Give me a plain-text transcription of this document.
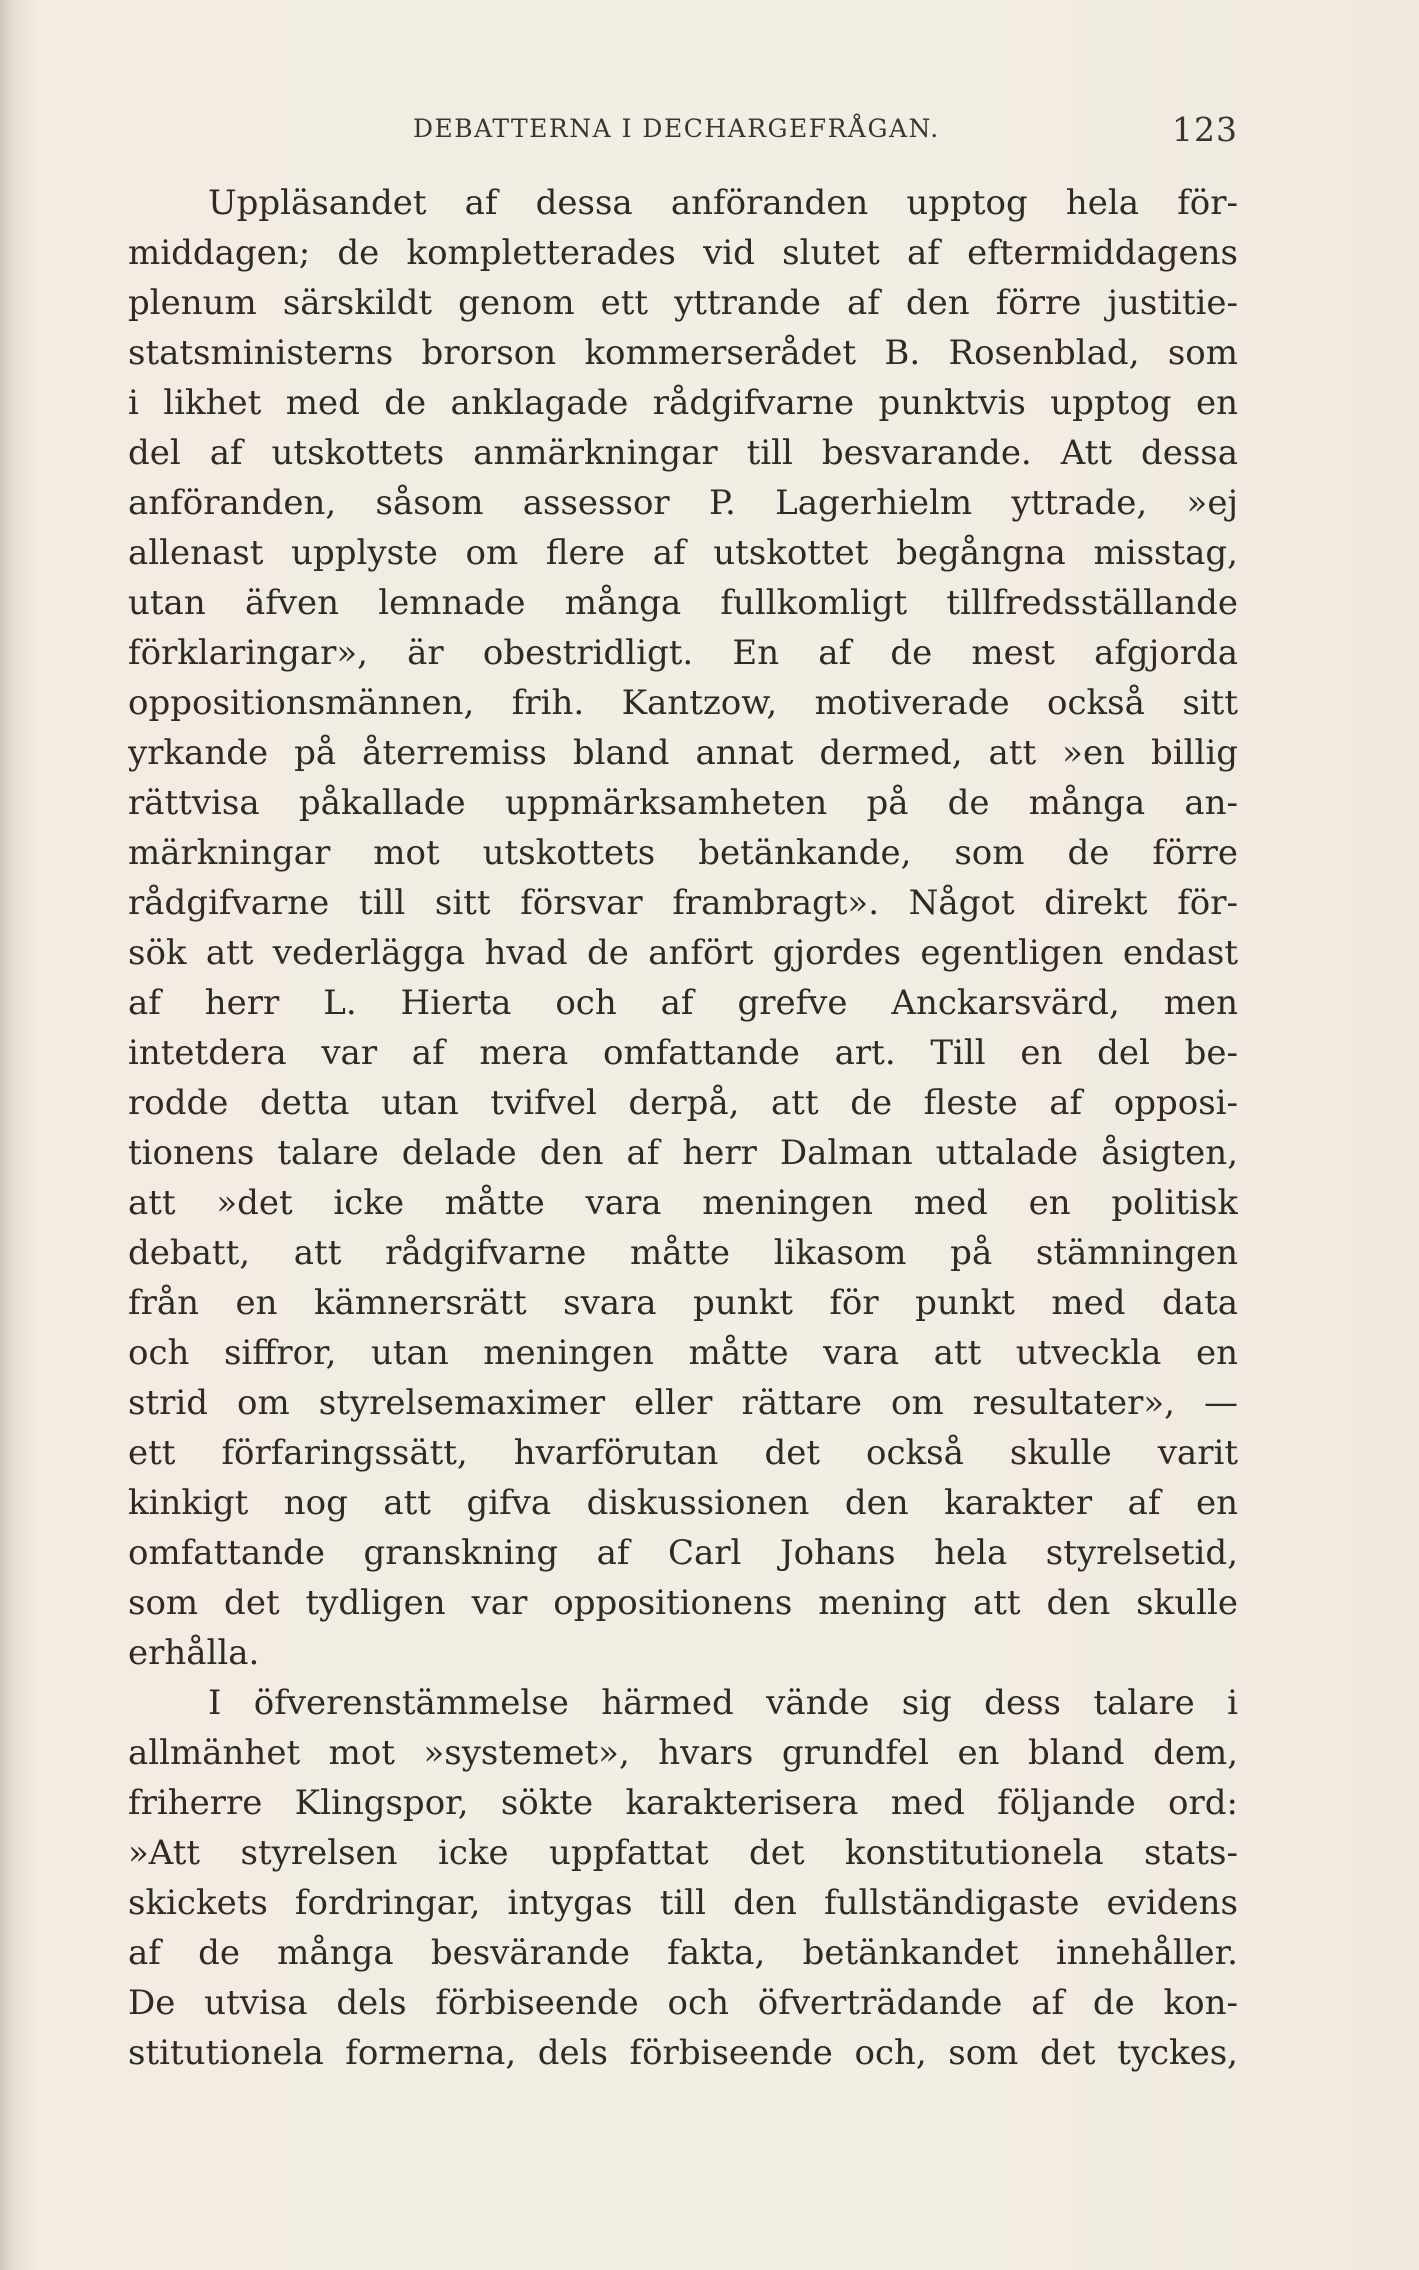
DEBATTERNA I DECHARGEFRÅGAN.	123
Uppläsandet af dessa anföranden upptog hela för-
middagen; de kompletterades vid slutet af eftermiddagens
plenum särskildt genom ett yttrande af den förre justitie-
statsministerns brorson kommerserådet B. Rosenblad, som
i likhet med de anklagade rådgifvarne punktvis upptog en
del af utskottets anmärkningar till besvarande. Att dessa
anföranden, såsom assessor P. Lagerhielm yttrade, »ej
allenast upplyste om flere af utskottet begångna misstag,
utan äfven lemnade många fullkomligt tillfredsställande
förklaringar», är obestridligt. En af de mest afgjorda
oppositionsmännen, frih. Kantzow, motiverade också sitt
yrkande på återremiss bland annat dermed, att »en billig
rättvisa påkallade uppmärksamheten på de många an-
märkningar mot utskottets betänkande, som de förre
rådgifvarne till sitt försvar frambragt». Något direkt för-
sök att vederlägga hvad de anfört gjordes egentligen endast
af herr L. Hierta och af grefve Anckarsvärd, men
intetdera var af mera omfattande art. Till en del be-
rodde detta utan tvifvel derpå, att de fleste af opposi-
tionens talare delade den af herr Dalman uttalade åsigten,
att »det icke måtte vara meningen med en politisk
debatt, att rådgifvarne måtte likasom på stämningen
från en kämnersrätt svara punkt för punkt med data
och siffror, utan meningen måtte vara att utveckla en
strid om styrelsemaximer eller rättare om resultater», —
ett förfaringssätt, hvarförutan det också skulle varit
kinkigt nog att gifva diskussionen den karakter af en
omfattande granskning af Carl Johans hela styrelsetid,
som det tydligen var oppositionens mening att den skulle
erhålla.
I öfverenstämmelse härmed vände sig dess talare i
allmänhet mot »systemet», hvars grundfel en bland dem,
friherre Klingspor, sökte karakterisera med följande ord:
»Att styrelsen icke uppfattat det konstitutionela stats-
skickets fordringar, intygas till den fullständigaste evidens
af de många besvärande fakta, betänkandet innehåller.
De utvisa dels förbiseende och öfverträdande af de kon-
stitutionela formerna, dels förbiseende och, som det tyckes,
